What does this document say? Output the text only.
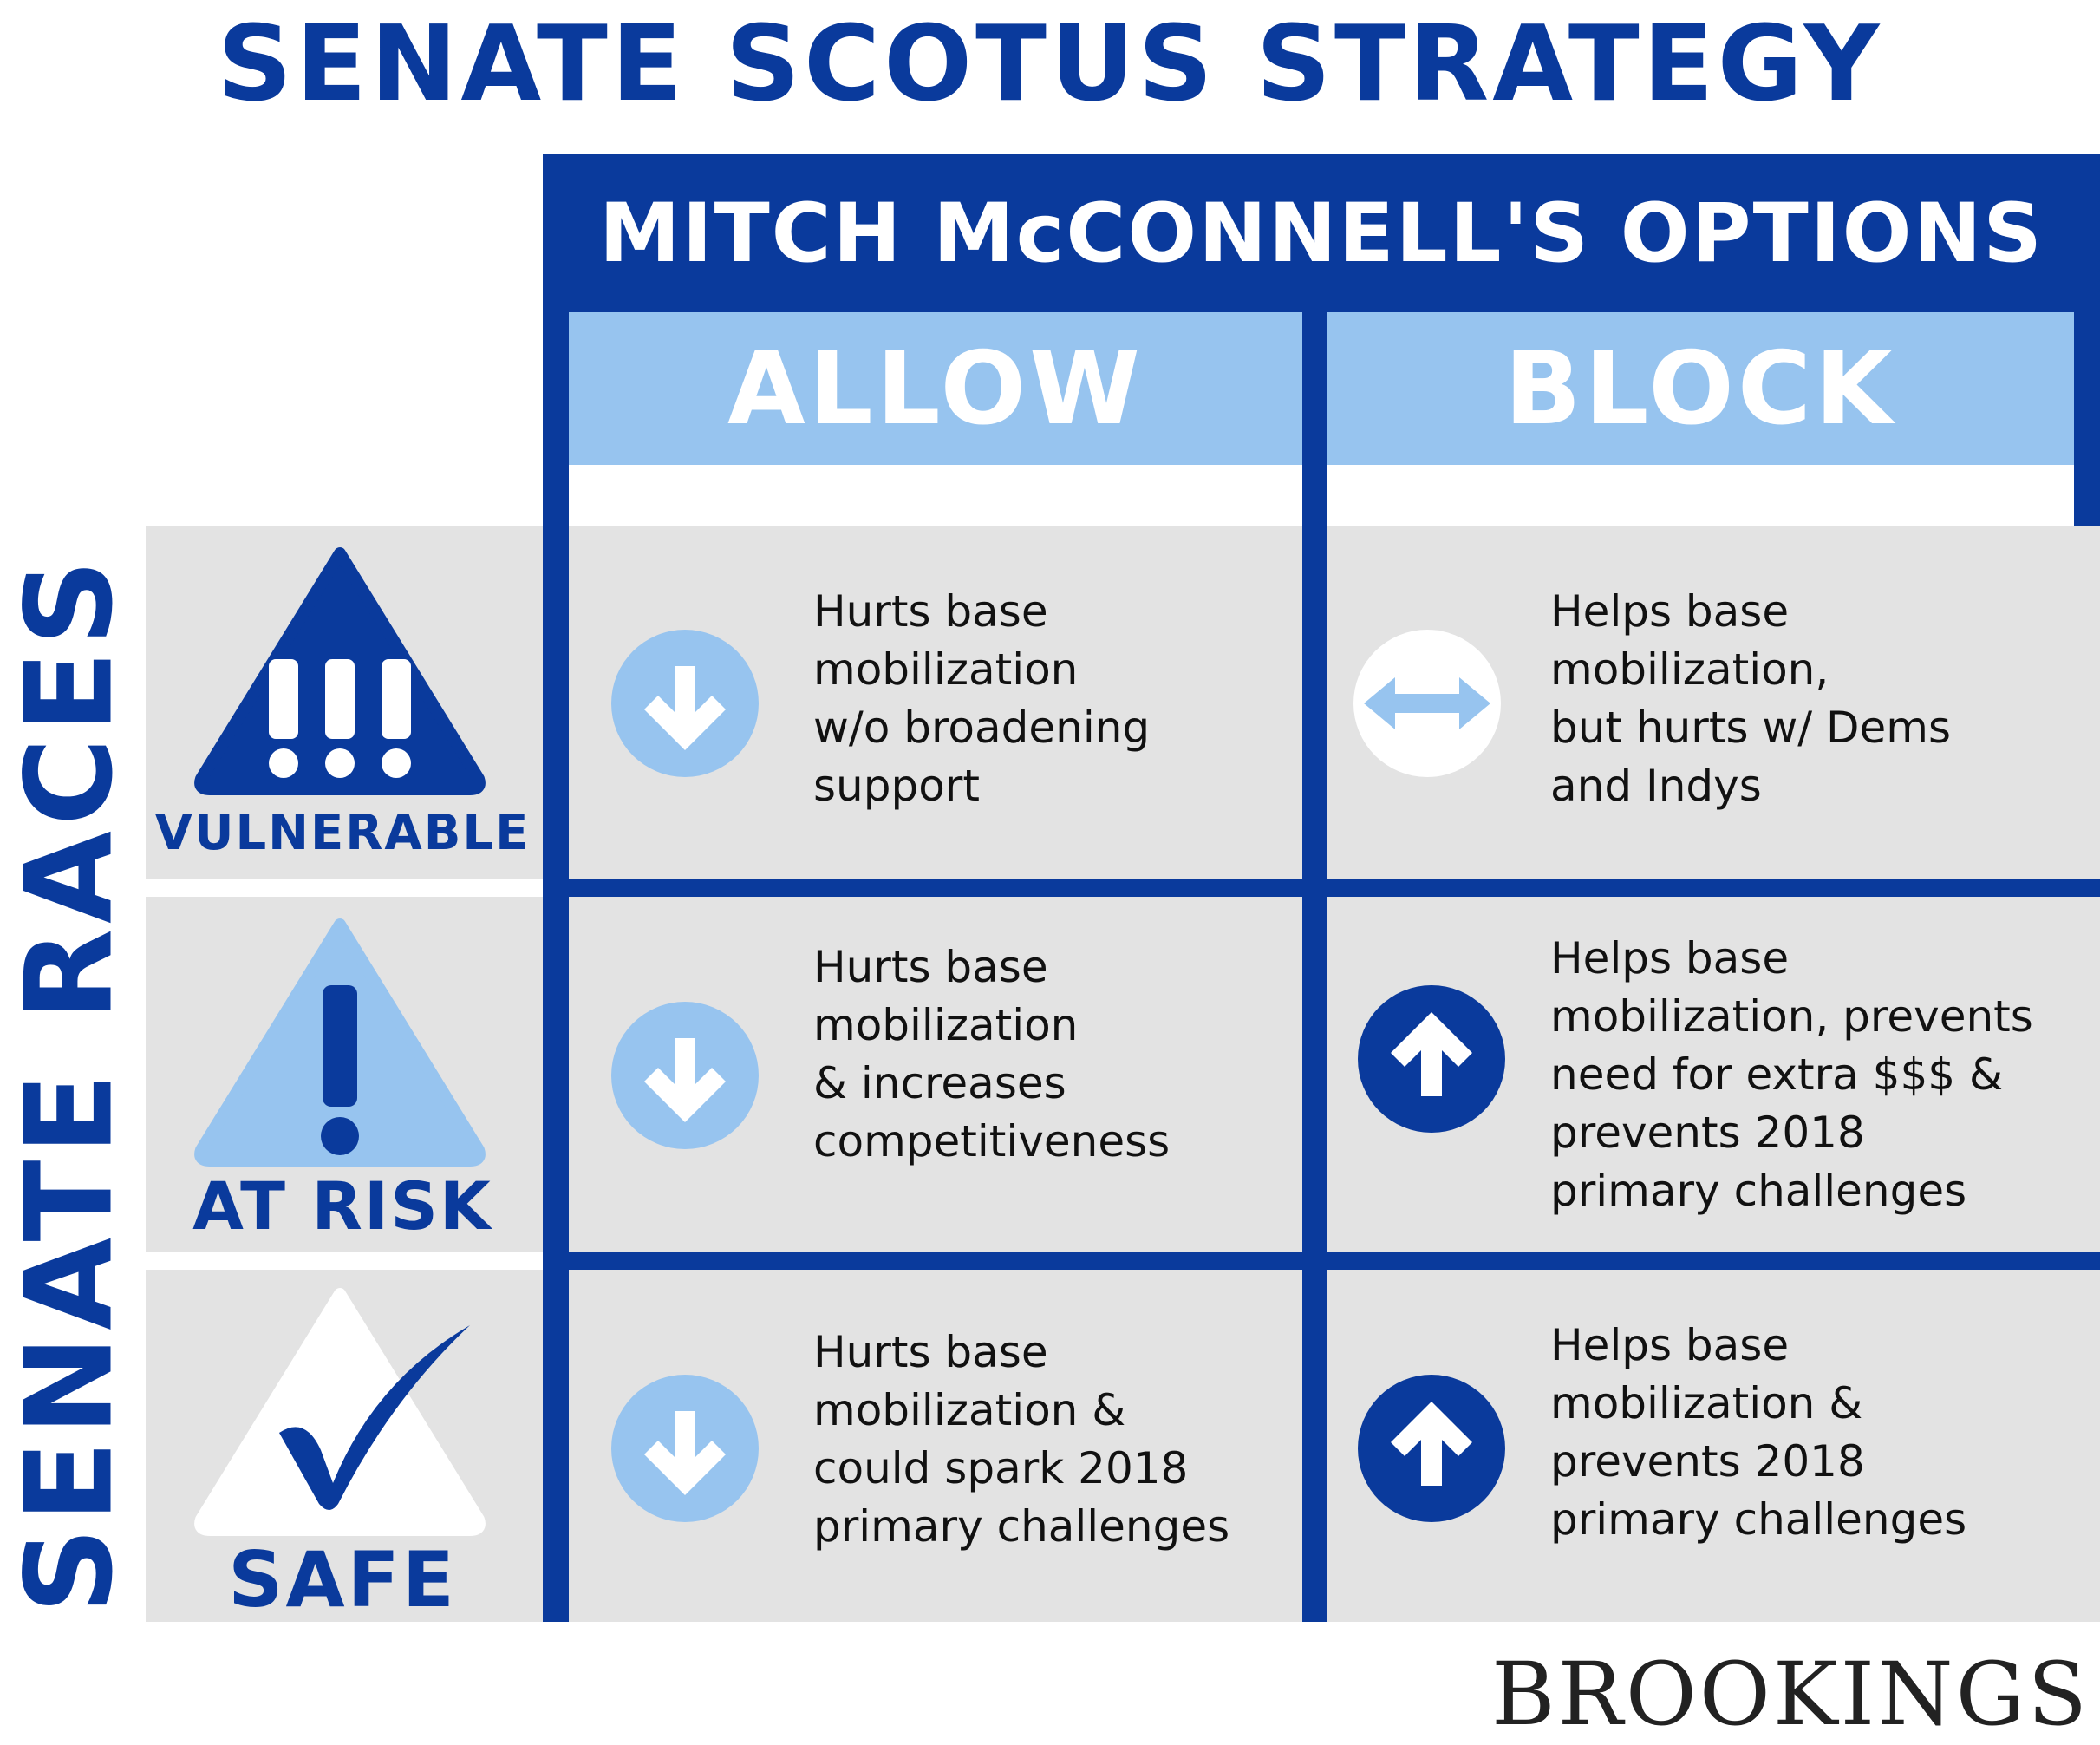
SENATE SCOTUS STRATEGY
MITCH McCONNELL'S OPTIONS
ALLOW	BLOCK
SENATE RACES VULNERABLE
AT RISK
SAFE
Hurts base
mobilization
w/o broadening
support
Helps base
mobilization,
but hurts w/ Dems
and Indys
Hurts base
mobilization
& increases
competitiveness
Helps base
mobilization, prevents
need for extra $$$ &
prevents 2018
primary challenges
Hurts base
mobilization &
could spark 2018
primary challenges
Helps base
mobilization &
prevents 2018
primary challenges
BROOKINGS
